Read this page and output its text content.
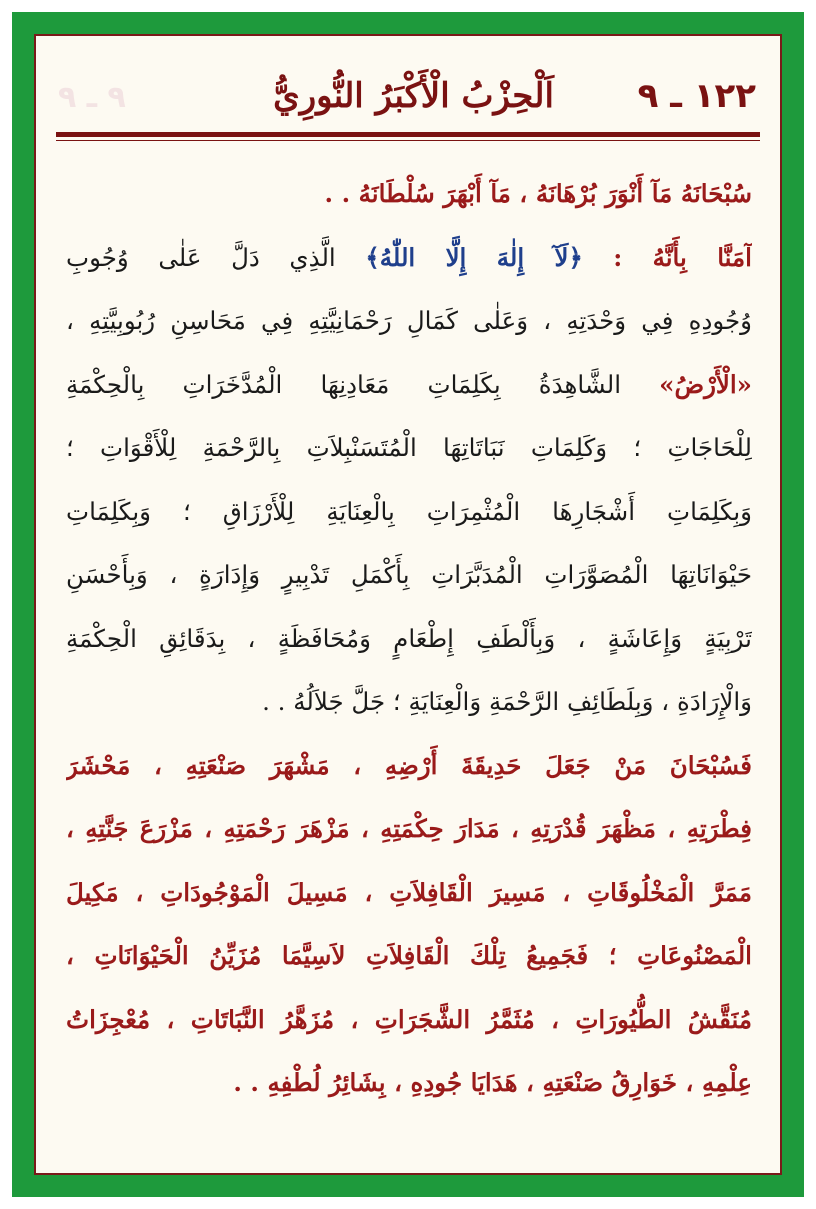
١٢٢ ـ ٩
اَلْحِزْبُ الْأَكْبَرُ النُّورِيُّ
٩ ـ ٩
سُبْحَانَهُ مَآ أَنْوَرَ بُرْهَانَهُ ، مَآ أَبْهَرَ سُلْطَانَهُ . .
آمَنَّا بِأَنَّهُ : ﴿لَآ إِلٰهَ إِلَّا اللّٰهُ﴾ الَّذِي دَلَّ عَلٰى وُجُوبِ
وُجُودِهِ فِي وَحْدَتِهِ ، وَعَلٰى كَمَالِ رَحْمَانِيَّتِهِ فِي مَحَاسِنِ رُبُوبِيَّتِهِ ،
«الْأَرْضُ» الشَّاهِدَةُ بِكَلِمَاتِ مَعَادِنِهَا الْمُدَّخَرَاتِ بِالْحِكْمَةِ
لِلْحَاجَاتِ ؛ وَكَلِمَاتِ نَبَاتَاتِهَا الْمُتَسَنْبِلاَتِ بِالرَّحْمَةِ لِلْأَقْوَاتِ ؛
وَبِكَلِمَاتِ أَشْجَارِهَا الْمُثْمِرَاتِ بِالْعِنَايَةِ لِلْأَرْزَاقِ ؛ وَبِكَلِمَاتِ
حَيْوَانَاتِهَا الْمُصَوَّرَاتِ الْمُدَبَّرَاتِ بِأَكْمَلِ تَدْبِيرٍ وَإِدَارَةٍ ، وَبِأَحْسَنِ
تَرْبِيَةٍ وَإِعَاشَةٍ ، وَبِأَلْطَفِ إِطْعَامٍ وَمُحَافَظَةٍ ، بِدَقَائِقِ الْحِكْمَةِ
وَالْإِرَادَةِ ، وَبِلَطَائِفِ الرَّحْمَةِ وَالْعِنَايَةِ ؛ جَلَّ جَلاَلُهُ . .
فَسُبْحَانَ مَنْ جَعَلَ حَدِيقَةَ أَرْضِهِ ، مَشْهَرَ صَنْعَتِهِ ، مَحْشَرَ
فِطْرَتِهِ ، مَظْهَرَ قُدْرَتِهِ ، مَدَارَ حِكْمَتِهِ ، مَزْهَرَ رَحْمَتِهِ ، مَزْرَعَ جَنَّتِهِ ،
مَمَرَّ الْمَخْلُوقَاتِ ، مَسِيرَ الْقَافِلاَتِ ، مَسِيلَ الْمَوْجُودَاتِ ، مَكِيلَ
الْمَصْنُوعَاتِ ؛ فَجَمِيعُ تِلْكَ الْقَافِلاَتِ لاَسِيَّمَا مُزَيِّنُ الْحَيْوَانَاتِ ،
مُنَقَّشُ الطُّيُورَاتِ ، مُثَمَّرُ الشَّجَرَاتِ ، مُزَهَّرُ النَّبَاتَاتِ ، مُعْجِزَاتُ
عِلْمِهِ ، خَوَارِقُ صَنْعَتِهِ ، هَدَايَا جُودِهِ ، بِشَائِرُ لُطْفِهِ . .
